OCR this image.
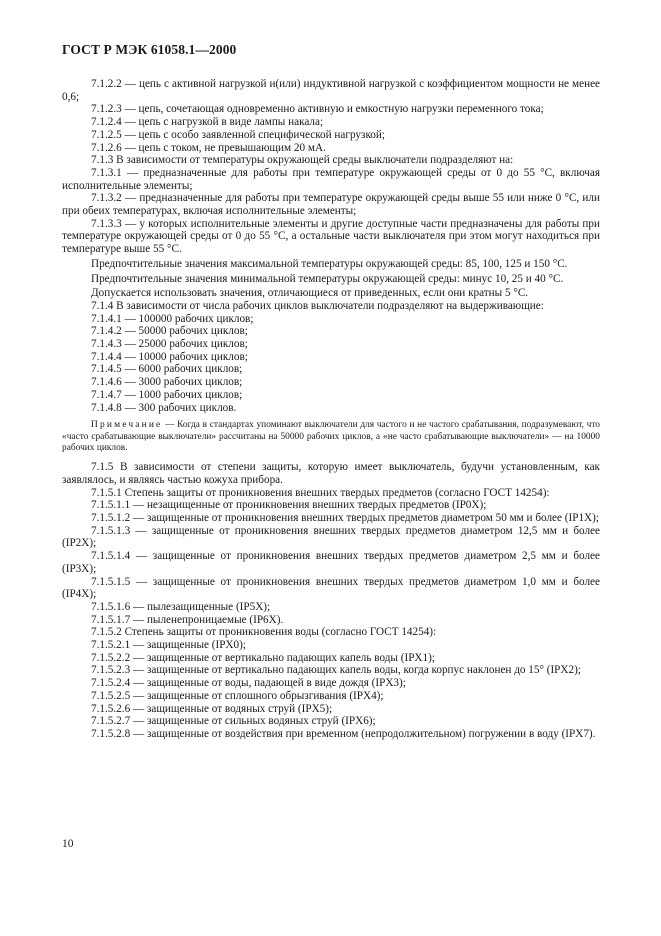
ГОСТ Р МЭК 61058.1—2000

7.1.2.2 — цепь с активной нагрузкой и(или) индуктивной нагрузкой с коэффициентом мощности не менее 0,6;

7.1.2.3 — цепь, сочетающая одновременно активную и емкостную нагрузки переменного тока;

7.1.2.4 — цепь с нагрузкой в виде лампы накала;

7.1.2.5 — цепь с особо заявленной специфической нагрузкой;

7.1.2.6 — цепь с током, не превышающим 20 мА.

7.1.3 В зависимости от температуры окружающей среды выключатели подразделяют на:

7.1.3.1 — предназначенные для работы при температуре окружающей среды от 0 до 55 °С, включая исполнительные элементы;

7.1.3.2 — предназначенные для работы при температуре окружающей среды выше 55 или ниже 0 °С, или при обеих температурах, включая исполнительные элементы;

7.1.3.3 — у которых исполнительные элементы и другие доступные части предназначены для работы при температуре окружающей среды от 0 до 55 °С, а остальные части выключателя при этом могут находиться при температуре выше 55 °С.

Предпочтительные значения максимальной температуры окружающей среды: 85, 100, 125 и 150 °С.

Предпочтительные значения минимальной температуры окружающей среды: минус 10, 25 и 40 °С.

Допускается использовать значения, отличающиеся от приведенных, если они кратны 5 °С.

7.1.4 В зависимости от числа рабочих циклов выключатели подразделяют на выдерживающие:

7.1.4.1 — 100000 рабочих циклов;

7.1.4.2 — 50000 рабочих циклов;

7.1.4.3 — 25000 рабочих циклов;

7.1.4.4 — 10000 рабочих циклов;

7.1.4.5 — 6000 рабочих циклов;

7.1.4.6 — 3000 рабочих циклов;

7.1.4.7 — 1000 рабочих циклов;

7.1.4.8 — 300 рабочих циклов.

Примечание — Когда в стандартах упоминают выключатели для частого и не частого срабатывания, подразумевают, что «часто срабатывающие выключатели» рассчитаны на 50000 рабочих циклов, а «не часто срабатывающие выключатели» — на 10000 рабочих циклов.

7.1.5 В зависимости от степени защиты, которую имеет выключатель, будучи установленным, как заявлялось, и являясь частью кожуха прибора.

7.1.5.1 Степень защиты от проникновения внешних твердых предметов (согласно ГОСТ 14254):

7.1.5.1.1 — незащищенные от проникновения внешних твердых предметов (IP0X);

7.1.5.1.2 — защищенные от проникновения внешних твердых предметов диаметром 50 мм и более (IP1X);

7.1.5.1.3 — защищенные от проникновения внешних твердых предметов диаметром 12,5 мм и более (IP2X);

7.1.5.1.4 — защищенные от проникновения внешних твердых предметов диаметром 2,5 мм и более (IP3X);

7.1.5.1.5 — защищенные от проникновения внешних твердых предметов диаметром 1,0 мм и более (IP4X);

7.1.5.1.6 — пылезащищенные (IP5X);

7.1.5.1.7 — пыленепроницаемые (IP6X).

7.1.5.2 Степень защиты от проникновения воды (согласно ГОСТ 14254):

7.1.5.2.1 — защищенные (IPX0);

7.1.5.2.2 — защищенные от вертикально падающих капель воды (IPX1);

7.1.5.2.3 — защищенные от вертикально падающих капель воды, когда корпус наклонен до 15° (IPX2);

7.1.5.2.4 — защищенные от воды, падающей в виде дождя (IPX3);

7.1.5.2.5 — защищенные от сплошного обрызгивания (IPX4);

7.1.5.2.6 — защищенные от водяных струй (IPX5);

7.1.5.2.7 — защищенные от сильных водяных струй (IPX6);

7.1.5.2.8 — защищенные от воздействия при временном (непродолжительном) погружении в воду (IPX7).

10
